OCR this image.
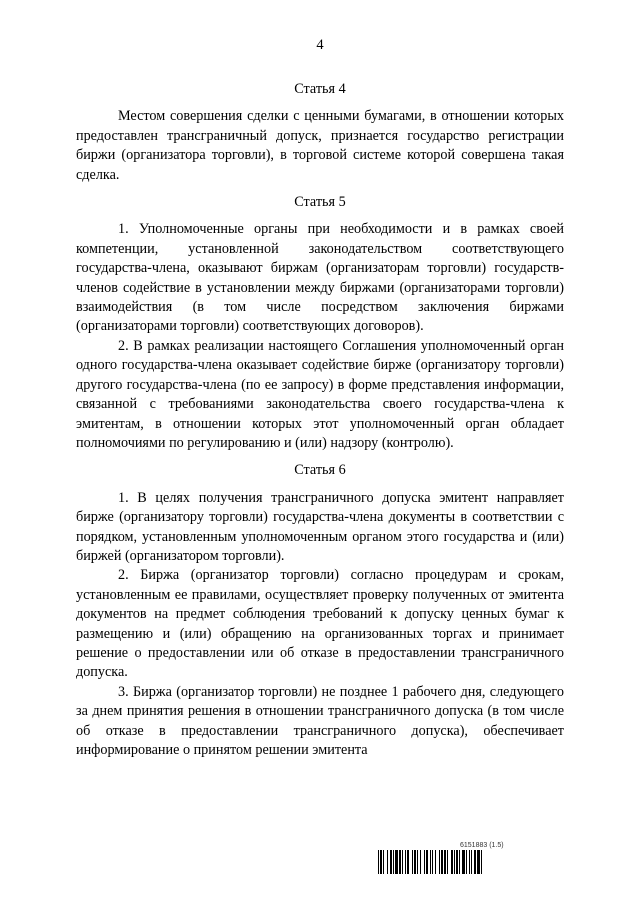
4
Статья 4

Местом совершения сделки с ценными бумагами, в отношении которых предоставлен трансграничный допуск, признается государство регистрации биржи (организатора торговли), в торговой системе которой совершена такая сделка.

Статья 5

1. Уполномоченные органы при необходимости и в рамках своей компетенции, установленной законодательством соответствующего государства-члена, оказывают биржам (организаторам торговли) государств-членов содействие в установлении между биржами (организаторами торговли) взаимодействия (в том числе посредством заключения биржами (организаторами торговли) соответствующих договоров).

2. В рамках реализации настоящего Соглашения уполномоченный орган одного государства-члена оказывает содействие бирже (организатору торговли) другого государства-члена (по ее запросу) в форме представления информации, связанной с требованиями законодательства своего государства-члена к эмитентам, в отношении которых этот уполномоченный орган обладает полномочиями по регулированию и (или) надзору (контролю).

Статья 6

1. В целях получения трансграничного допуска эмитент направляет бирже (организатору торговли) государства-члена документы в соответствии с порядком, установленным уполномоченным органом этого государства и (или) биржей (организатором торговли).

2. Биржа (организатор торговли) согласно процедурам и срокам, установленным ее правилами, осуществляет проверку полученных от эмитента документов на предмет соблюдения требований к допуску ценных бумаг к размещению и (или) обращению на организованных торгах и принимает решение о предоставлении или об отказе в предоставлении трансграничного допуска.

3. Биржа (организатор торговли) не позднее 1 рабочего дня, следующего за днем принятия решения в отношении трансграничного допуска (в том числе об отказе в предоставлении трансграничного допуска), обеспечивает информирование о принятом решении эмитента

6151883 (1.5)
